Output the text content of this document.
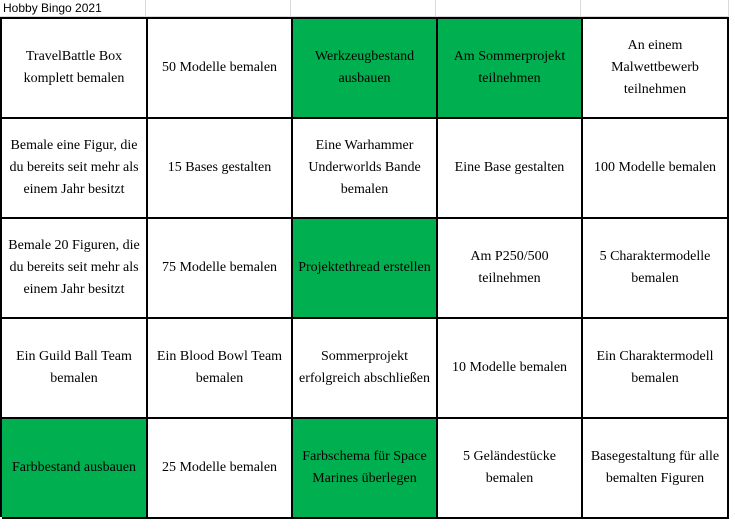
Hobby Bingo 2021
TravelBattle Box komplett bemalen
50 Modelle bemalen
Werkzeugbestand ausbauen
Am Sommerprojekt teilnehmen
An einem Malwettbewerb teilnehmen
Bemale eine Figur, die du bereits seit mehr als einem Jahr besitzt
15 Bases gestalten
Eine Warhammer Underworlds Bande bemalen
Eine Base gestalten 100 Modelle bemalen
Bemale 20 Figuren, die du bereits seit mehr als einem Jahr besitzt
75 Modelle bemalen Projektethread erstellen
Am P250/500 teilnehmen
5 Charaktermodelle bemalen
Ein Guild Ball Team bemalen
Ein Blood Bowl Team bemalen
Sommerprojekt erfolgreich abschließen
10 Modelle bemalen
Ein Charaktermodell bemalen
Farbbestand ausbauen 25 Modelle bemalen
Farbschema für Space Marines überlegen
5 Geländestücke bemalen
Basegestaltung für alle bemalten Figuren
